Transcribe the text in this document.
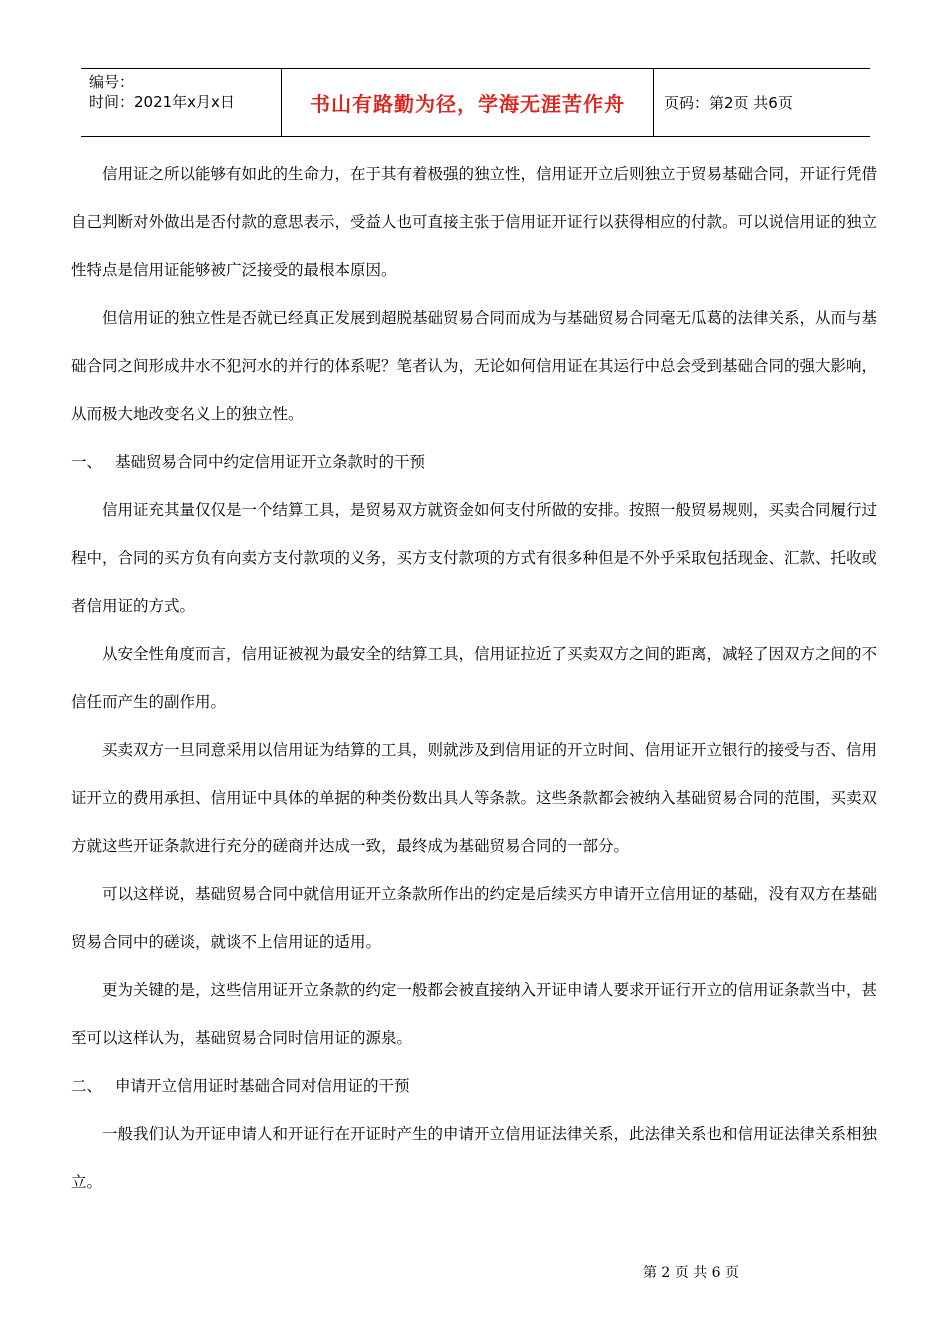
编号：
时间：2021年x月x日	书山有路勤为径，学海无涯苦作舟	页码：第2页 共6页

信用证之所以能够有如此的生命力，在于其有着极强的独立性，信用证开立后则独立于贸易基础合同，开证行凭借自己判断对外做出是否付款的意思表示，受益人也可直接主张于信用证开证行以获得相应的付款。可以说信用证的独立性特点是信用证能够被广泛接受的最根本原因。

但信用证的独立性是否就已经真正发展到超脱基础贸易合同而成为与基础贸易合同毫无瓜葛的法律关系，从而与基础合同之间形成井水不犯河水的并行的体系呢？笔者认为，无论如何信用证在其运行中总会受到基础合同的强大影响，从而极大地改变名义上的独立性。

一、 基础贸易合同中约定信用证开立条款时的干预

信用证充其量仅仅是一个结算工具，是贸易双方就资金如何支付所做的安排。按照一般贸易规则，买卖合同履行过程中，合同的买方负有向卖方支付款项的义务，买方支付款项的方式有很多种但是不外乎采取包括现金、汇款、托收或者信用证的方式。

从安全性角度而言，信用证被视为最安全的结算工具，信用证拉近了买卖双方之间的距离，减轻了因双方之间的不信任而产生的副作用。

买卖双方一旦同意采用以信用证为结算的工具，则就涉及到信用证的开立时间、信用证开立银行的接受与否、信用证开立的费用承担、信用证中具体的单据的种类份数出具人等条款。这些条款都会被纳入基础贸易合同的范围，买卖双方就这些开证条款进行充分的磋商并达成一致，最终成为基础贸易合同的一部分。

可以这样说，基础贸易合同中就信用证开立条款所作出的约定是后续买方申请开立信用证的基础，没有双方在基础贸易合同中的磋谈，就谈不上信用证的适用。

更为关键的是，这些信用证开立条款的约定一般都会被直接纳入开证申请人要求开证行开立的信用证条款当中，甚至可以这样认为，基础贸易合同时信用证的源泉。

二、 申请开立信用证时基础合同对信用证的干预

一般我们认为开证申请人和开证行在开证时产生的申请开立信用证法律关系，此法律关系也和信用证法律关系相独立。

第 2 页 共 6 页
